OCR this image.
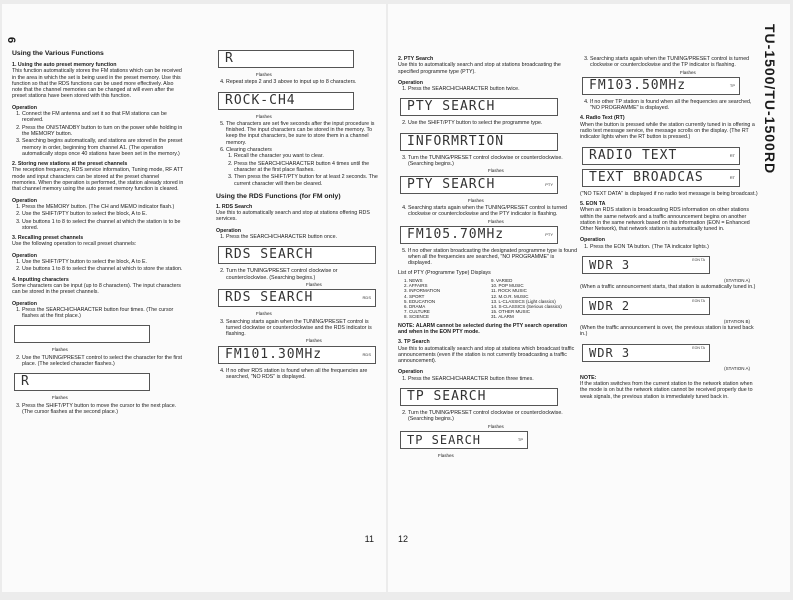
6
Using the Various Functions
1. Using the auto preset memory function

This function automatically stores the FM stations which can be received in the area in which the set is being used in the preset memory. Use this function so that the RDS functions can be used more effectively. Also note that the channel memories can be changed at will even after the preset stations have been stored with this function.

Operation
1. Connect the FM antenna and set it so that FM stations can be received.
2. Press the ON/STANDBY button to turn on the power while holding in the MEMORY button.
3. Searching begins automatically, and stations are stored in the preset memory in order, beginning from channel A1. (The operation automatically stops once 40 stations have been set in the memory.)
2. Storing new stations at the preset channels

The reception frequency, RDS service information, Tuning mode, RF ATT mode and input characters can be stored at the preset channel memories. When the operation is performed, the station already stored in that channel memory using the auto preset memory function is cleared.

Operation
1. Press the MEMORY button. (The CH and MEMO indicator flash.)
2. Use the SHIFT/PTY button to select the block, A to E.
3. Use buttons 1 to 8 to select the channel at which the station is to be stored.
3. Recalling preset channels

Use the following operation to recall preset channels:

Operation
1. Use the SHIFT/PTY button to select the block, A to E.
2. Use buttons 1 to 8 to select the channel at which to store the station.
4. Inputting characters

Some characters can be input (up to 8 characters). The input characters can be stored in the preset channels.

Operation
1. Press the SEARCH/CHARACTER button four times. (The cursor flashes at the first place.)
Flashes
2. Use the TUNING/PRESET control to select the character for the first place. (The selected character flashes.)
R
Flashes
3. Press the SHIFT/PTY button to move the cursor to the next place. (The cursor flashes at the second place.)
R
Flashes
4. Repeat steps 2 and 3 above to input up to 8 characters.
ROCK-CH4
Flashes
5. The characters are set five seconds after the input procedure is finished. The input characters can be stored in the memory. To keep the input characters, be sure to store them in a channel memory.
6. Clearing characters
1. Recall the character you want to clear.
2. Press the SEARCH/CHARACTER button 4 times until the character at the first place flashes.
3. Then press the SHIFT/PTY button for at least 2 seconds. The current character will then be cleared.
Using the RDS Functions (for FM only)
1. RDS Search

Use this to automatically search and stop at stations offering RDS services.

Operation
1. Press the SEARCH/CHARACTER button once.
RDS SEARCH
2. Turn the TUNING/PRESET control clockwise or counterclockwise. (Searching begins.)
Flashes
RDS SEARCH	RDS
Flashes
3. Searching starts again when the TUNING/PRESET control is turned clockwise or counterclockwise and the RDS indicator is flashing.
Flashes
FM101.30MHz	RDS
4. If no other RDS station is found when all the frequencies are searched, "NO RDS" is displayed.
11
2. PTY Search

Use this to automatically search and stop at stations broadcasting the specified programme type (PTY).

Operation
1. Press the SEARCH/CHARACTER button twice.
PTY SEARCH
2. Use the SHIFT/PTY button to select the programme type.
INFORMRTION
3. Turn the TUNING/PRESET control clockwise or counterclockwise. (Searching begins.)
Flashes
PTY SEARCH	PTY
Flashes
4. Searching starts again when the TUNING/PRESET control is turned clockwise or counterclockwise and the PTY indicator is flashing.
Flashes
FM105.70MHz	PTY
5. If no other station broadcasting the designated programme type is found when all the frequencies are searched, "NO PROGRAMME" is displayed.
List of PTY (Programme Type) Displays
1. NEWS	9. VARIED
2. AFFAIRS	10. POP MUSIC
3. INFORMATION	11. ROCK MUSIC
4. SPORT	12. M.O.R. MUSIC
5. EDUCATION	13. L-CLASSICS (Light classics)
6. DRAMA	14. S-CLASSICS (Serious classics)
7. CULTURE	15. OTHER MUSIC
8. SCIENCE	31. ALARM

NOTE: ALARM cannot be selected during the PTY search operation and when in the EON PTY mode.

3. TP Search

Use this to automatically search and stop at stations which broadcast traffic announcements (even if the station is not currently broadcasting a traffic announcement).

Operation
1. Press the SEARCH/CHARACTER button three times.
TP SEARCH
2. Turn the TUNING/PRESET control clockwise or counterclockwise. (Searching begins.)
Flashes
TP SEARCH	TP
Flashes
3. Searching starts again when the TUNING/PRESET control is turned clockwise or counterclockwise and the TP indicator is flashing.
Flashes
FM103.50MHz	TP
4. If no other TP station is found when all the frequencies are searched, "NO PROGRAMME" is displayed.
4. Radio Text (RT)

When the button is pressed while the station currently tuned in is offering a radio text message service, the message scrolls on the display. (The RT indicator lights when the RT button is pressed.)

RADIO TEXT	RT
TEXT BROADCAS	RT

("NO TEXT DATA" is displayed if no radio text message is being broadcast.)

5. EON TA

When an RDS station is broadcasting RDS information on other stations within the same network and a traffic announcement begins on another station in the same network based on this information (EON = Enhanced Other Network), that network station is automatically tuned in.

Operation
1. Press the EON TA button. (The TA indicator lights.)
WDR 3	EON TA
(STATION A)

(When a traffic announcement starts, that station is automatically tuned in.)

WDR 2	EON TA
(STATION B)

(When the traffic announcement is over, the previous station is tuned back in.)

WDR 3	EON TA
(STATION A)
NOTE:

If the station switches from the current station to the network station when the mode is on but the network station cannot be received properly due to weak signals, the previous station is immediately tuned back in.

TU-1500/TU-1500RD
12
